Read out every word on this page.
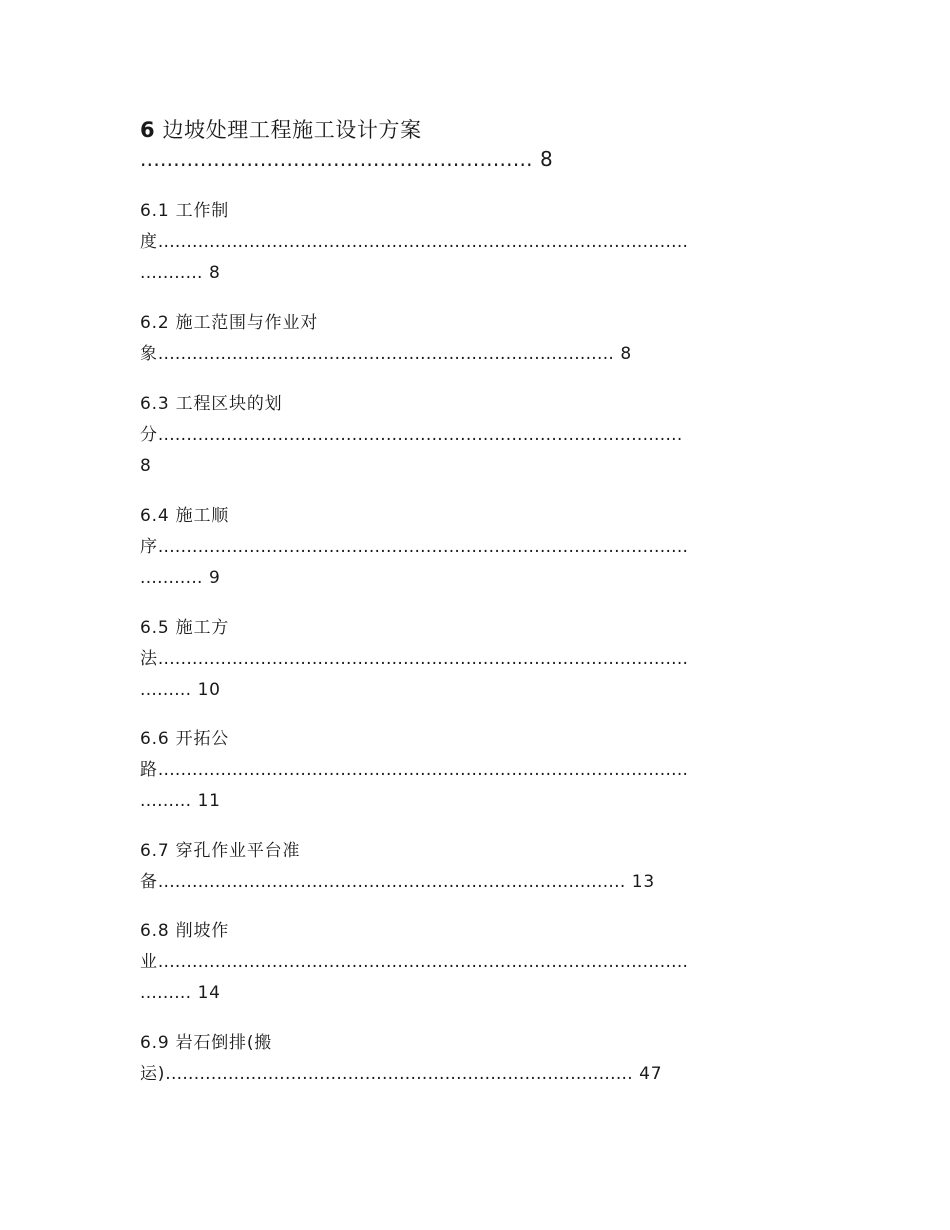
6 边坡处理工程施工设计方案

........................................................... 8

6.1 工作制

度.............................................................................................

........... 8

6.2 施工范围与作业对

象................................................................................ 8

6.3 工程区块的划

分............................................................................................

8

6.4 施工顺

序.............................................................................................

........... 9

6.5 施工方

法.............................................................................................

......... 10

6.6 开拓公

路.............................................................................................

......... 11

6.7 穿孔作业平台准

备.................................................................................. 13

6.8 削坡作

业.............................................................................................

......... 14

6.9 岩石倒排(搬

运).................................................................................. 47
